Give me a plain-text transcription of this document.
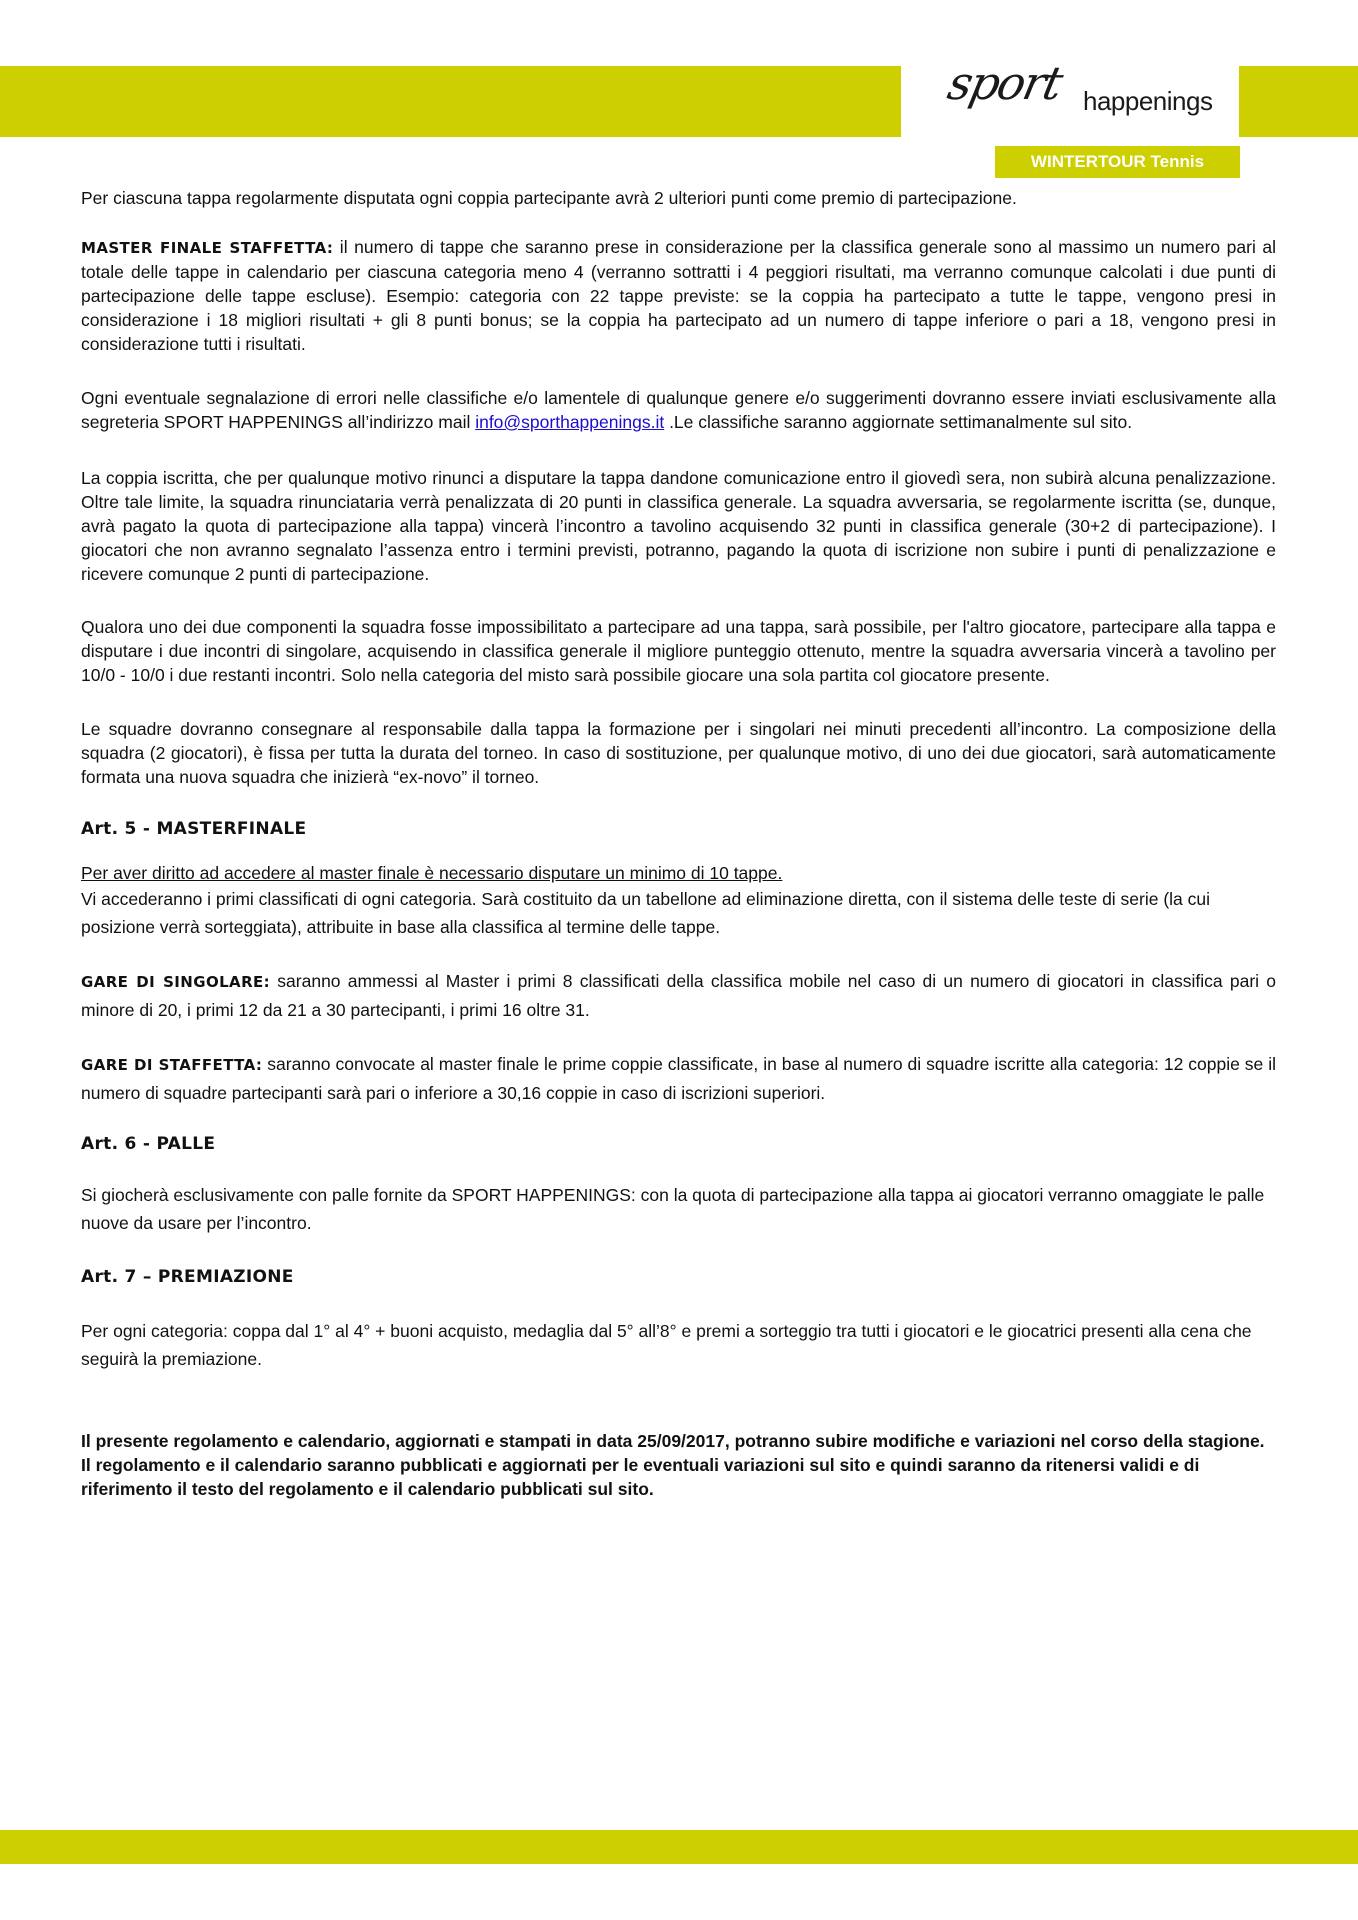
sport happenings
WINTERTOUR Tennis

Per ciascuna tappa regolarmente disputata ogni coppia partecipante avrà 2 ulteriori punti come premio di partecipazione.

MASTER FINALE STAFFETTA: il numero di tappe che saranno prese in considerazione per la classifica generale sono al massimo un numero pari al totale delle tappe in calendario per ciascuna categoria meno 4 (verranno sottratti i 4 peggiori risultati, ma verranno comunque calcolati i due punti di partecipazione delle tappe escluse). Esempio: categoria con 22 tappe previste: se la coppia ha partecipato a tutte le tappe, vengono presi in considerazione i 18 migliori risultati + gli 8 punti bonus; se la coppia ha partecipato ad un numero di tappe inferiore o pari a 18, vengono presi in considerazione tutti i risultati.

Ogni eventuale segnalazione di errori nelle classifiche e/o lamentele di qualunque genere e/o suggerimenti dovranno essere inviati esclusivamente alla segreteria SPORT HAPPENINGS all’indirizzo mail info@sporthappenings.it .Le classifiche saranno aggiornate settimanalmente sul sito.

La coppia iscritta, che per qualunque motivo rinunci a disputare la tappa dandone comunicazione entro il giovedì sera, non subirà alcuna penalizzazione. Oltre tale limite, la squadra rinunciataria verrà penalizzata di 20 punti in classifica generale. La squadra avversaria, se regolarmente iscritta (se, dunque, avrà pagato la quota di partecipazione alla tappa) vincerà l’incontro a tavolino acquisendo 32 punti in classifica generale (30+2 di partecipazione). I giocatori che non avranno segnalato l’assenza entro i termini previsti, potranno, pagando la quota di iscrizione non subire i punti di penalizzazione e ricevere comunque 2 punti di partecipazione.

Qualora uno dei due componenti la squadra fosse impossibilitato a partecipare ad una tappa, sarà possibile, per l'altro giocatore, partecipare alla tappa e disputare i due incontri di singolare, acquisendo in classifica generale il migliore punteggio ottenuto, mentre la squadra avversaria vincerà a tavolino per 10/0 - 10/0 i due restanti incontri. Solo nella categoria del misto sarà possibile giocare una sola partita col giocatore presente.

Le squadre dovranno consegnare al responsabile dalla tappa la formazione per i singolari nei minuti precedenti all’incontro. La composizione della squadra (2 giocatori), è fissa per tutta la durata del torneo. In caso di sostituzione, per qualunque motivo, di uno dei due giocatori, sarà automaticamente formata una nuova squadra che inizierà “ex-novo” il torneo.

Art. 5 - MASTERFINALE

Per aver diritto ad accedere al master finale è necessario disputare un minimo di 10 tappe.

Vi accederanno i primi classificati di ogni categoria. Sarà costituito da un tabellone ad eliminazione diretta, con il sistema delle teste di serie (la cui posizione verrà sorteggiata), attribuite in base alla classifica al termine delle tappe.

GARE DI SINGOLARE: saranno ammessi al Master i primi 8 classificati della classifica mobile nel caso di un numero di giocatori in classifica pari o minore di 20, i primi 12 da 21 a 30 partecipanti, i primi 16 oltre 31.

GARE DI STAFFETTA: saranno convocate al master finale le prime coppie classificate, in base al numero di squadre iscritte alla categoria: 12 coppie se il numero di squadre partecipanti sarà pari o inferiore a 30,16 coppie in caso di iscrizioni superiori.

Art. 6 - PALLE

Si giocherà esclusivamente con palle fornite da SPORT HAPPENINGS: con la quota di partecipazione alla tappa ai giocatori verranno omaggiate le palle nuove da usare per l’incontro.

Art. 7 – PREMIAZIONE

Per ogni categoria: coppa dal 1° al 4° + buoni acquisto, medaglia dal 5° all’8° e premi a sorteggio tra tutti i giocatori e le giocatrici presenti alla cena che seguirà la premiazione.

Il presente regolamento e calendario, aggiornati e stampati in data 25/09/2017, potranno subire modifiche e variazioni nel corso della stagione. Il regolamento e il calendario saranno pubblicati e aggiornati per le eventuali variazioni sul sito e quindi saranno da ritenersi validi e di riferimento il testo del regolamento e il calendario pubblicati sul sito.
